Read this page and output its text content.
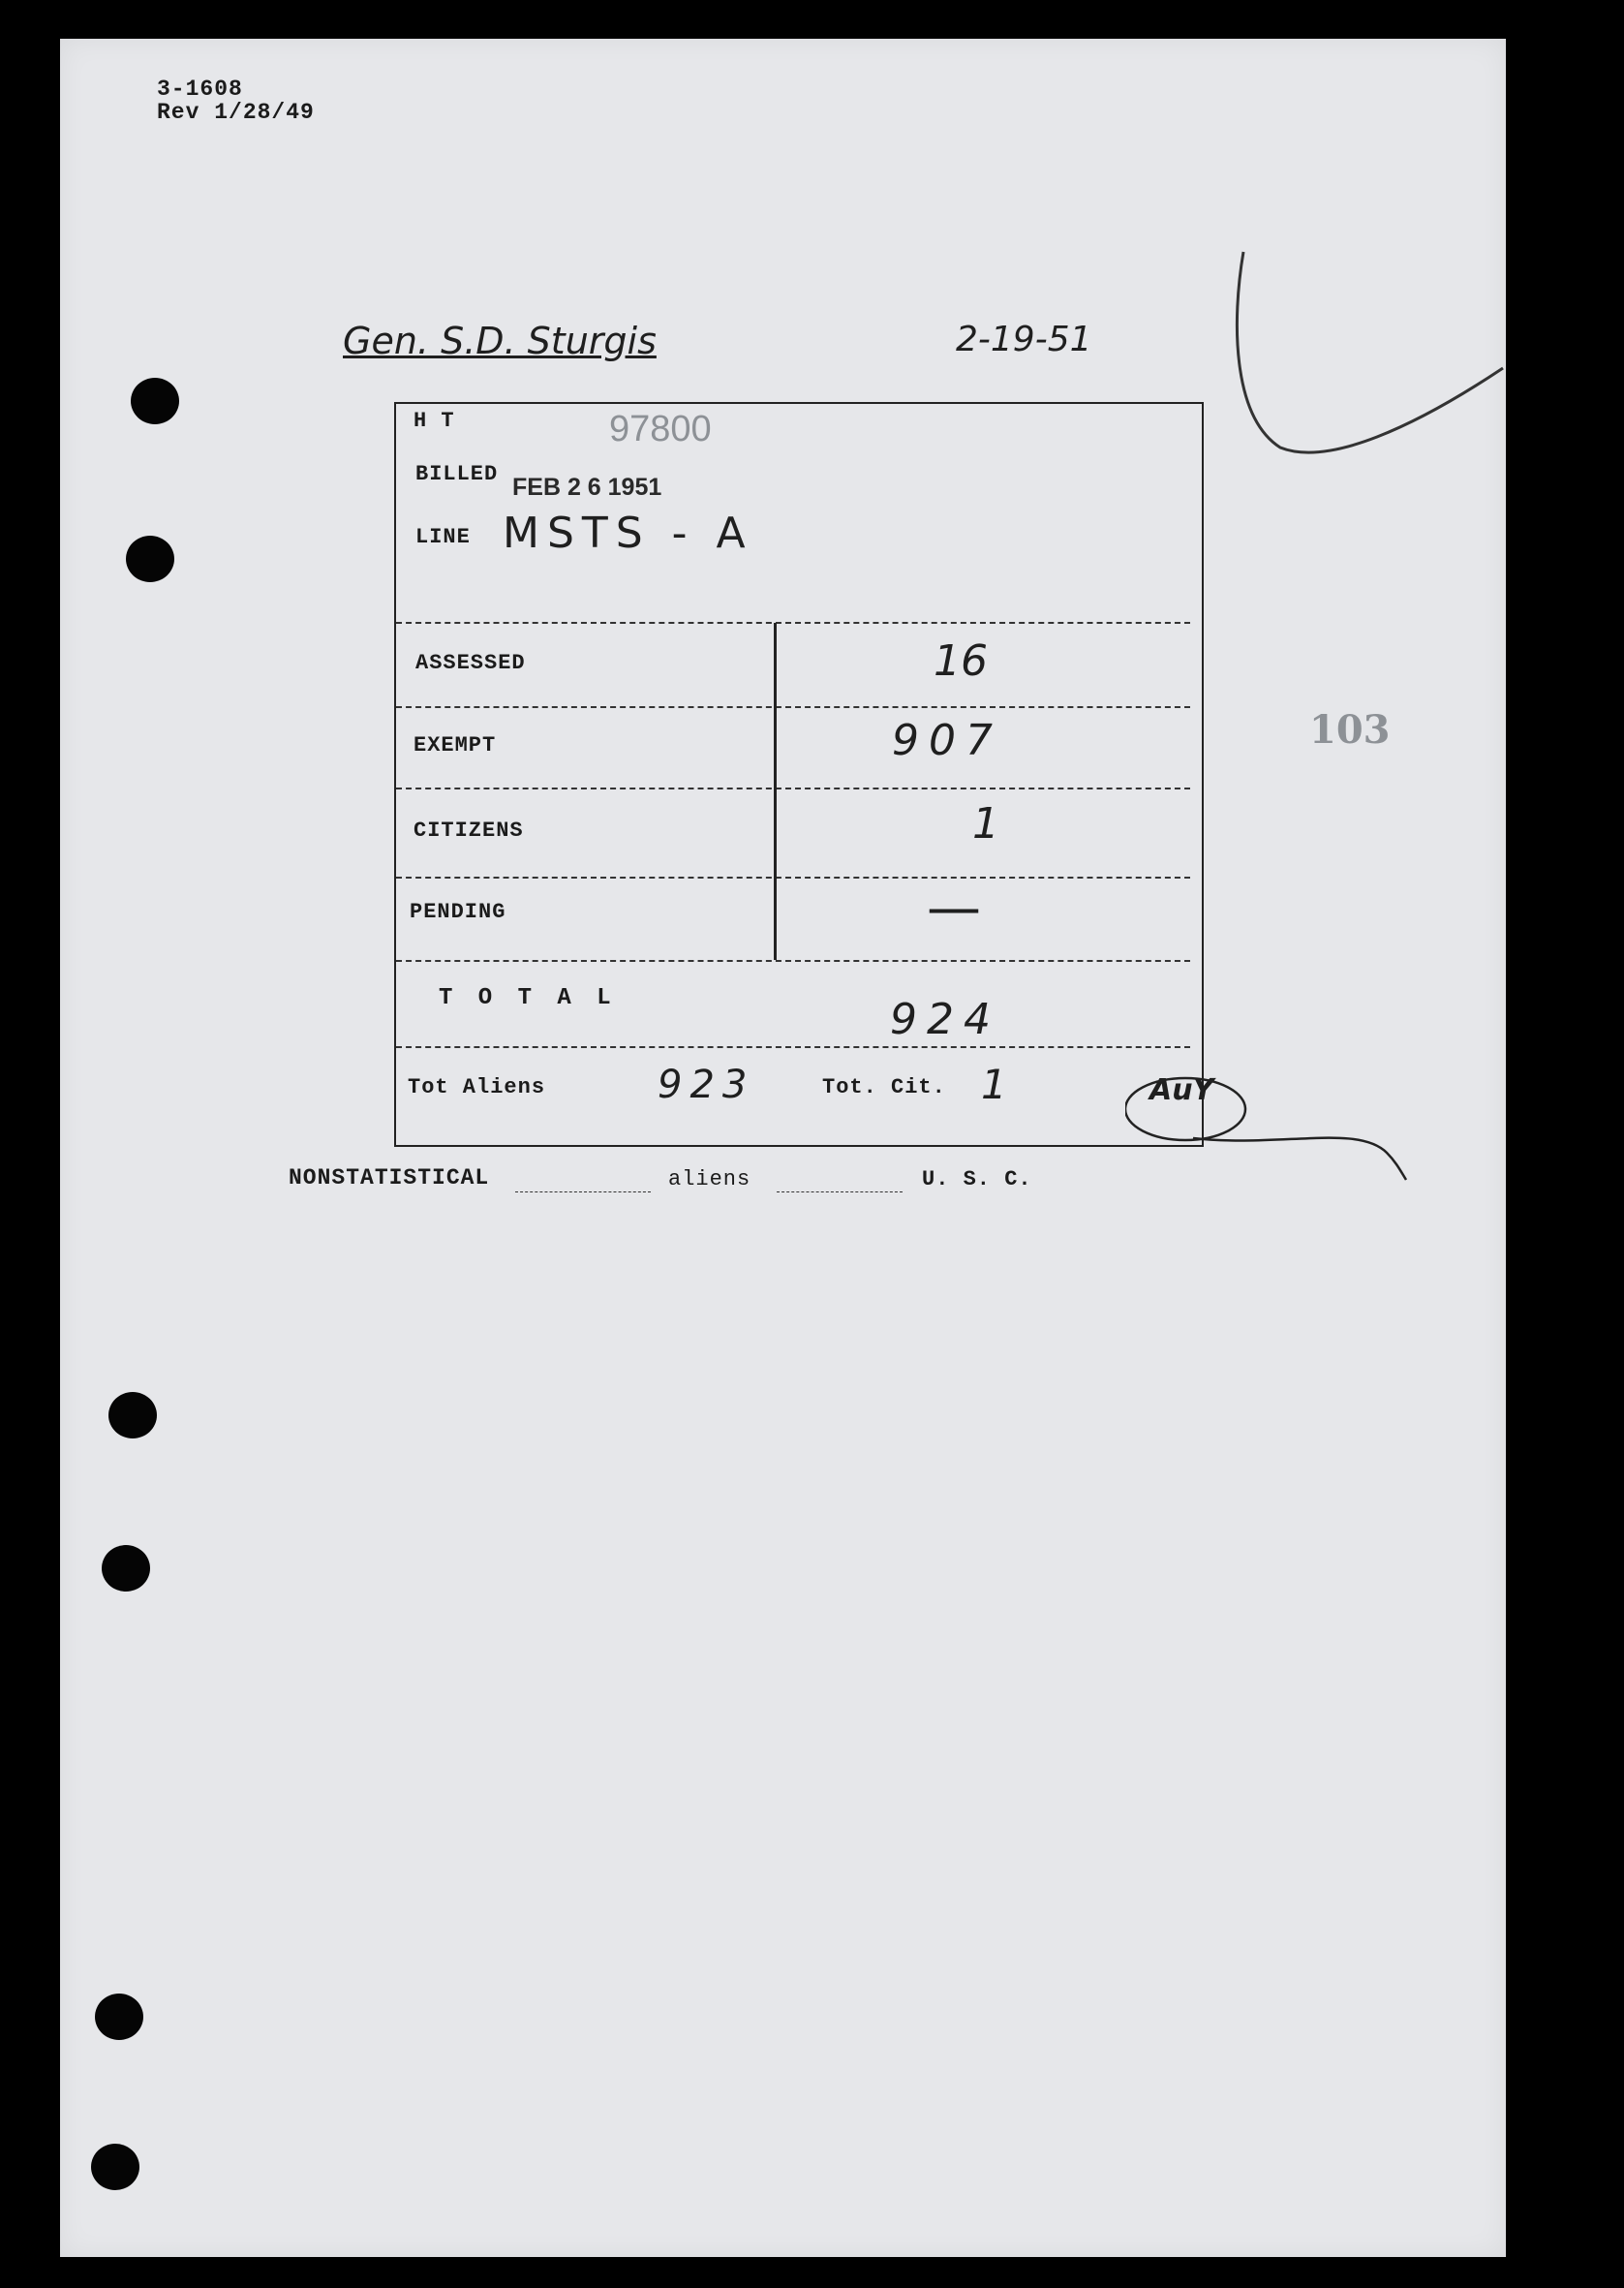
3-1608
Rev 1/28/49
Gen. S.D. Sturgis	2-19-51
103
H T	97800
BILLED FEB 2 6 1951
LINE MSTS - A
ASSESSED	16
EXEMPT	907
CITIZENS	1
PENDING	—
T O T A L	924
Tot Aliens	923	Tot. Cit. 1	AuY
NONSTATISTICAL	aliens	U. S. C.
